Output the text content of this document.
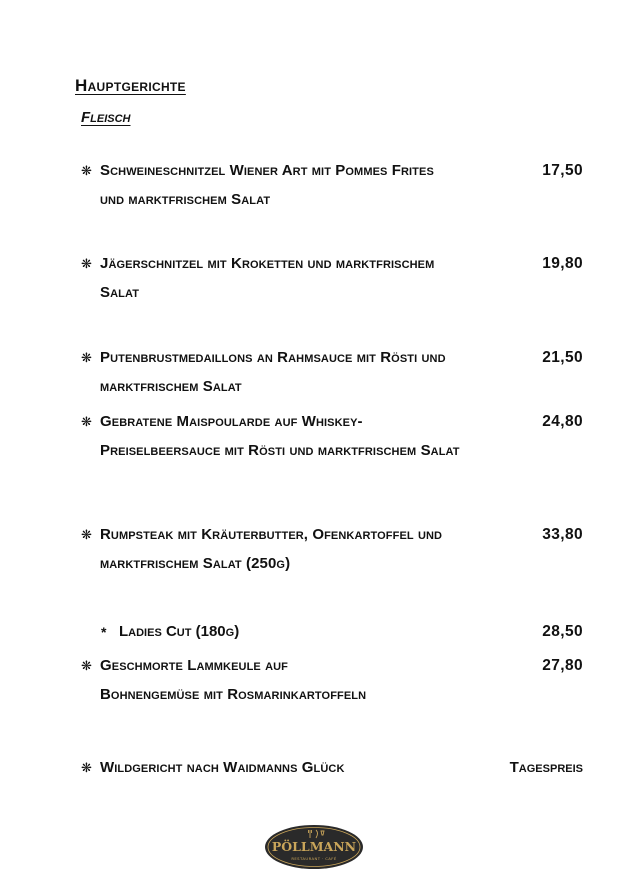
Hauptgerichte
Fleisch
❋ Schweineschnitzel Wiener Art mit Pommes Frites und marktfrischem Salat
17,50
❋ Jägerschnitzel mit Kroketten und marktfrischem Salat
19,80
❋ Putenbrustmedaillons an Rahmsauce mit Rösti und marktfrischem Salat
21,50
❋ Gebratene Maispoularde auf Whiskey-Preiselbeersauce mit Rösti und marktfrischem Salat
24,80
❋ Rumpsteak mit Kräuterbutter, Ofenkartoffel und marktfrischem Salat (250g)
33,80
* Ladies Cut (180g)	28,50
❋ Geschmorte Lammkeule auf Bohnengemüse mit Rosmarinkartoffeln
27,80
❋ Wildgericht nach Waidmanns Glück	Tagespreis
PÖLLMANN
RESTAURANT · CAFÉ
